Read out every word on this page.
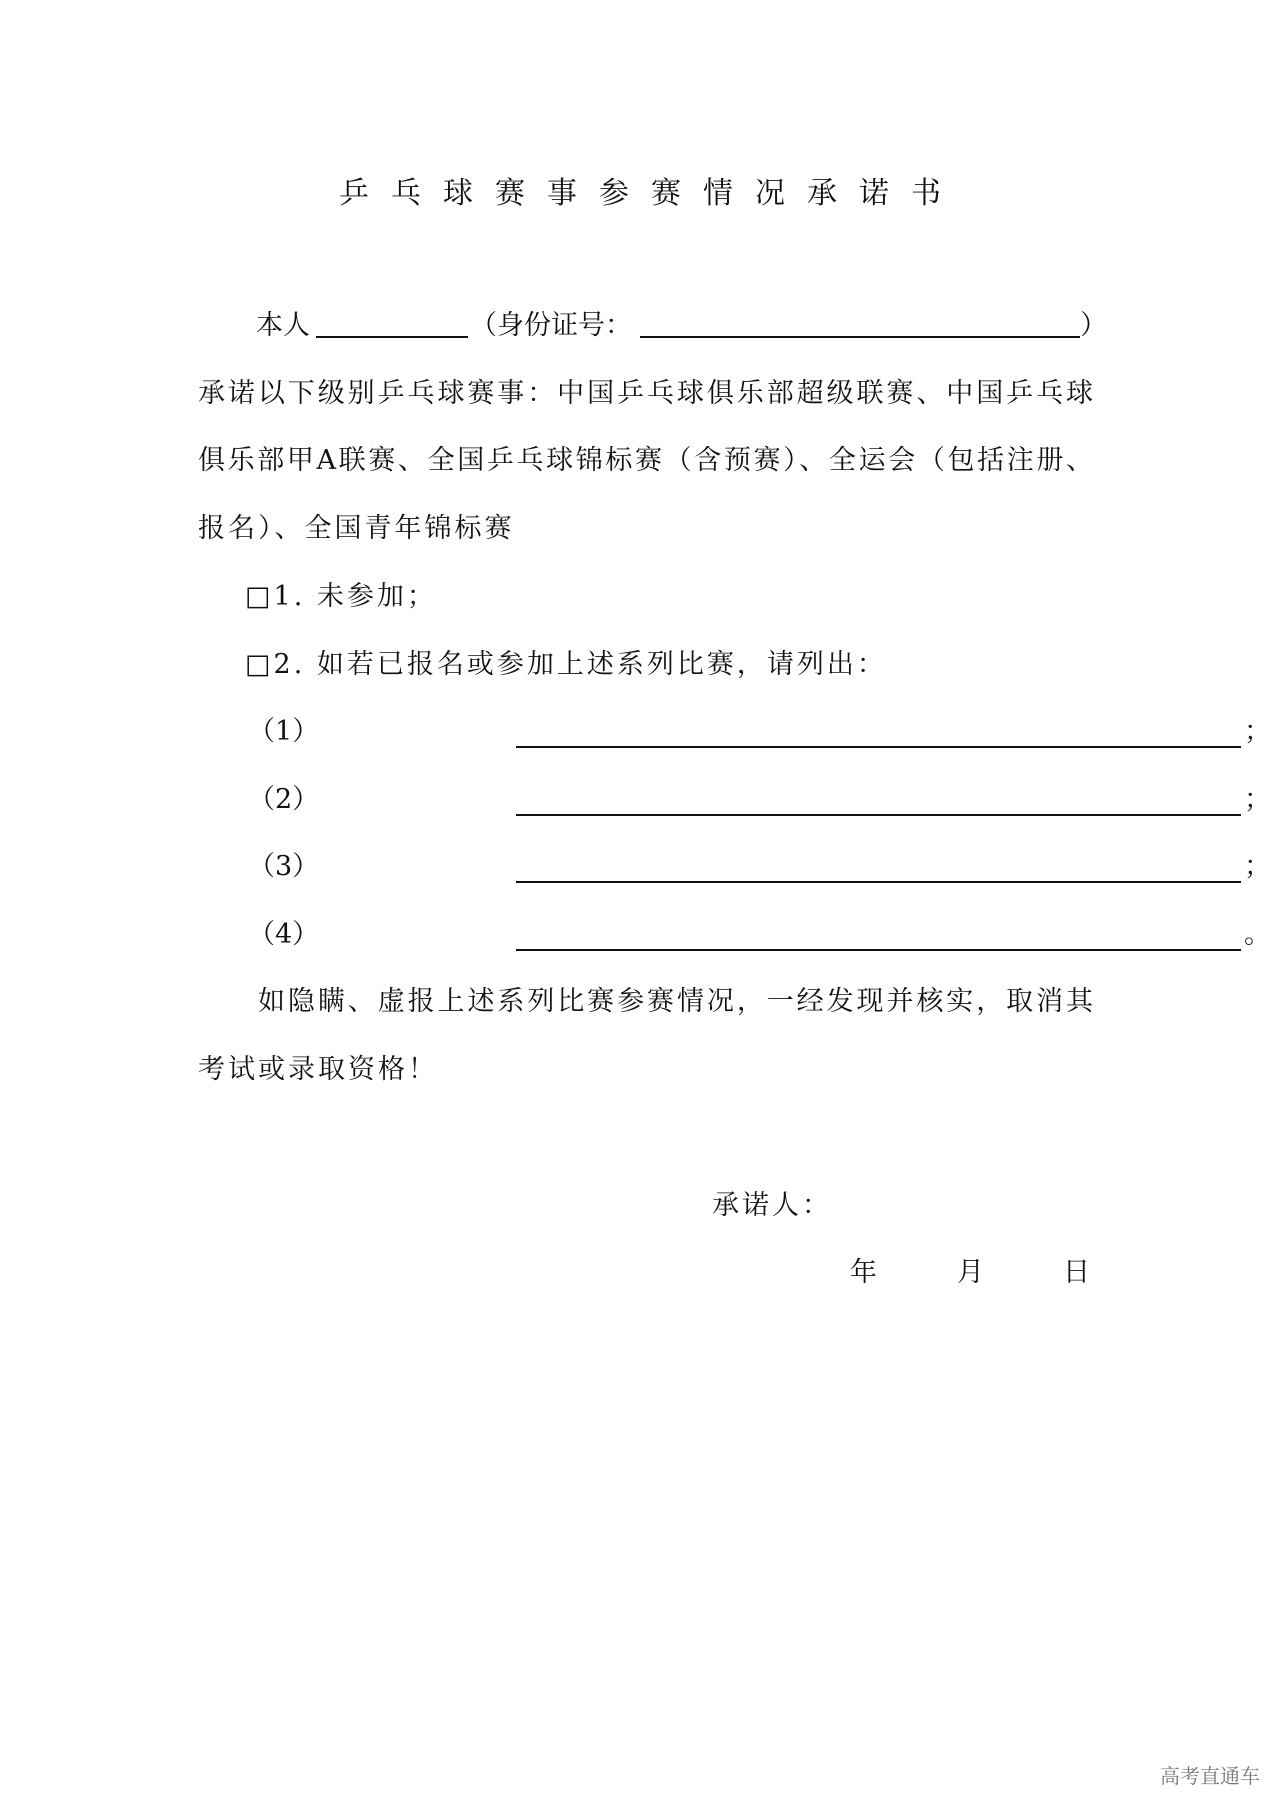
乒乓球赛事参赛情况承诺书
本人	（身份证号：	）
承诺以下级别乒乓球赛事：中国乒乓球俱乐部超级联赛、中国乒乓球
俱乐部甲A联赛、全国乒乓球锦标赛（含预赛）、全运会（包括注册、
报名）、全国青年锦标赛
□1. 未参加；
□2. 如若已报名或参加上述系列比赛，请列出：
（1）	；
（2）	；
（3）	；
（4）	。
如隐瞒、虚报上述系列比赛参赛情况，一经发现并核实，取消其
考试或录取资格！
承诺人：
年	月	日
高考直通车
